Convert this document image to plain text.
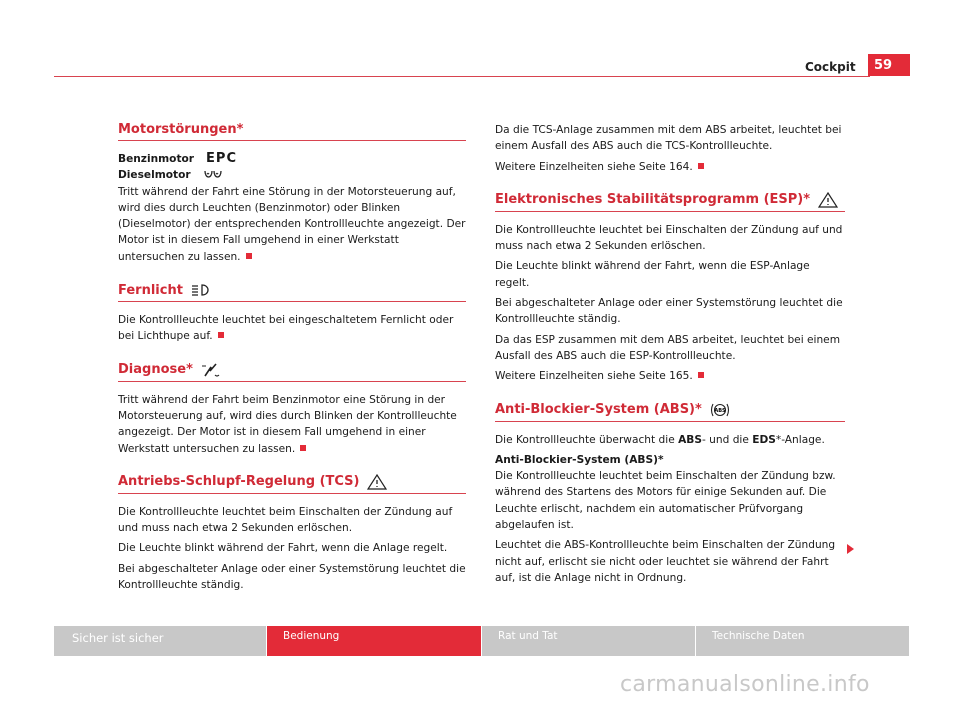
Cockpit	59
Motorstörungen*
Benzinmotor EPC
Dieselmotor

Tritt während der Fahrt eine Störung in der Motorsteuerung auf, wird dies durch Leuchten (Benzinmotor) oder Blinken (Dieselmotor) der entsprechenden Kontrollleuchte angezeigt. Der Motor ist in diesem Fall umgehend in einer Werkstatt untersuchen zu lassen.

Fernlicht

Die Kontrollleuchte leuchtet bei eingeschaltetem Fernlicht oder bei Lichthupe auf.

Diagnose*

Tritt während der Fahrt beim Benzinmotor eine Störung in der Motorsteuerung auf, wird dies durch Blinken der Kontrollleuchte angezeigt. Der Motor ist in diesem Fall umgehend in einer Werkstatt untersuchen zu lassen.

Antriebs-Schlupf-Regelung (TCS)

Die Kontrollleuchte leuchtet beim Einschalten der Zündung auf und muss nach etwa 2 Sekunden erlöschen.

Die Leuchte blinkt während der Fahrt, wenn die Anlage regelt.

Bei abgeschalteter Anlage oder einer Systemstörung leuchtet die Kontrollleuchte ständig.

Da die TCS-Anlage zusammen mit dem ABS arbeitet, leuchtet bei einem Ausfall des ABS auch die TCS-Kontrollleuchte.

Weitere Einzelheiten siehe Seite 164.

Elektronisches Stabilitätsprogramm (ESP)*

Die Kontrollleuchte leuchtet bei Einschalten der Zündung auf und muss nach etwa 2 Sekunden erlöschen.

Die Leuchte blinkt während der Fahrt, wenn die ESP-Anlage regelt.

Bei abgeschalteter Anlage oder einer Systemstörung leuchtet die Kontrollleuchte ständig.

Da das ESP zusammen mit dem ABS arbeitet, leuchtet bei einem Ausfall des ABS auch die ESP-Kontrollleuchte.

Weitere Einzelheiten siehe Seite 165.

Anti-Blockier-System (ABS)* ABS

Die Kontrollleuchte überwacht die ABS- und die EDS*-Anlage.

Anti-Blockier-System (ABS)*

Die Kontrollleuchte leuchtet beim Einschalten der Zündung bzw. während des Startens des Motors für einige Sekunden auf. Die Leuchte erlischt, nachdem ein automatischer Prüfvorgang abgelaufen ist.

Leuchtet die ABS-Kontrollleuchte beim Einschalten der Zündung nicht auf, erlischt sie nicht oder leuchtet sie während der Fahrt auf, ist die Anlage nicht in Ordnung.

Sicher ist sicher	Bedienung	Rat und Tat	Technische Daten
carmanualsonline.info
